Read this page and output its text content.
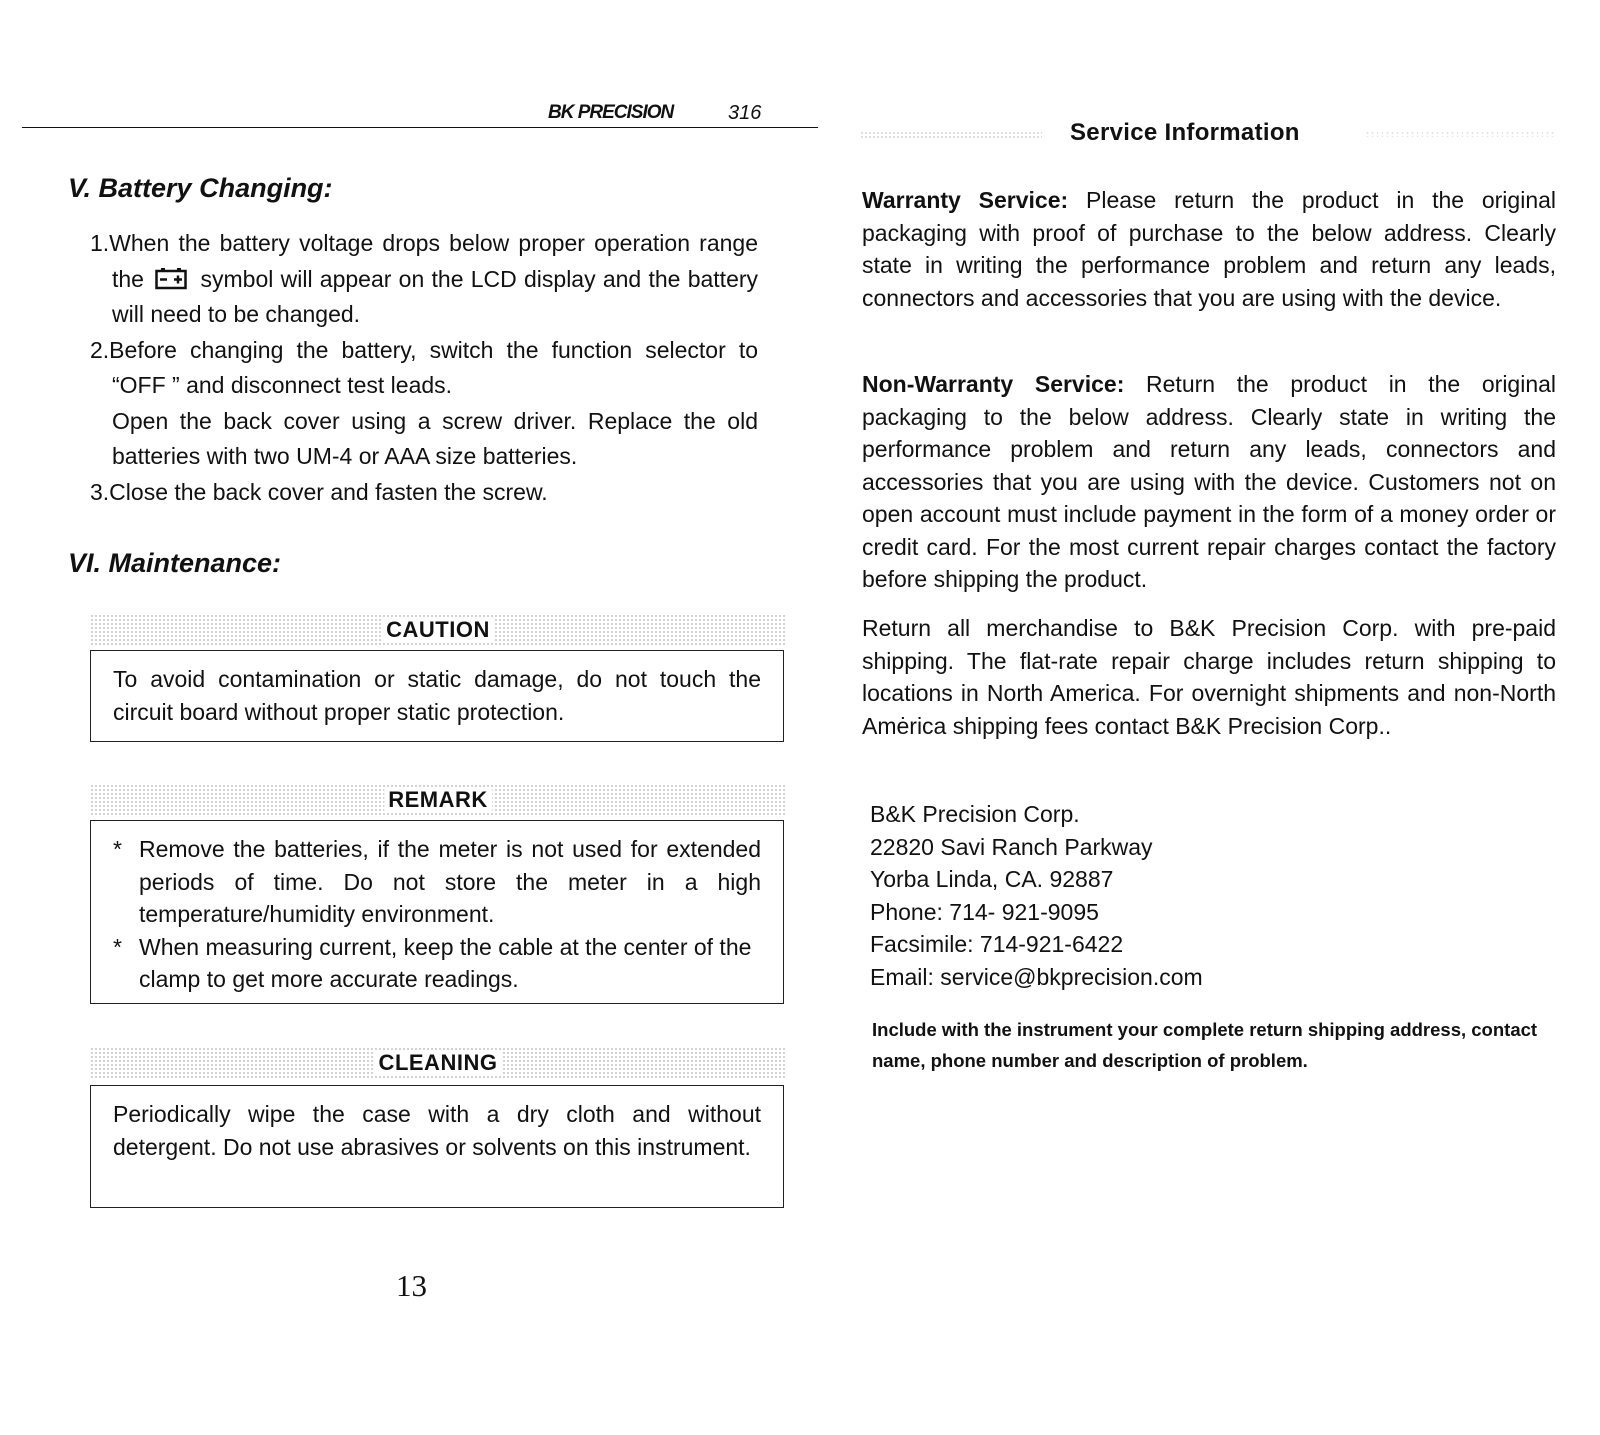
BK PRECISION	316
V. Battery Changing:
1.When the battery voltage drops below proper operation range the symbol will appear on the LCD display and the battery will need to be changed.
2.Before changing the battery, switch the function selector to “OFF ” and disconnect test leads.
Open the back cover using a screw driver. Replace the old batteries with two UM-4 or AAA size batteries.
3.Close the back cover and fasten the screw.
VI. Maintenance:
CAUTION
To avoid contamination or static damage, do not touch the circuit board without proper static protection.
REMARK
* Remove the batteries, if the meter is not used for extended periods of time. Do not store the meter in a high temperature/humidity environment.
* When measuring current, keep the cable at the center of the clamp to get more accurate readings.
CLEANING
Periodically wipe the case with a dry cloth and without detergent. Do not use abrasives or solvents on this instrument.
13
Service Information
Warranty Service: Please return the product in the original packaging with proof of purchase to the below address. Clearly state in writing the performance problem and return any leads, connectors and accessories that you are using with the device.
Non-Warranty Service: Return the product in the original packaging to the below address. Clearly state in writing the performance problem and return any leads, connectors and accessories that you are using with the device. Customers not on open account must include payment in the form of a money order or credit card. For the most current repair charges contact the factory before shipping the product.
Return all merchandise to B&K Precision Corp. with pre-paid shipping. The flat-rate repair charge includes return shipping to locations in North America. For overnight shipments and non-North Amėrica shipping fees contact B&K Precision Corp..
B&K Precision Corp.
22820 Savi Ranch Parkway
Yorba Linda, CA. 92887
Phone: 714- 921-9095
Facsimile: 714-921-6422
Email: service@bkprecision.com
Include with the instrument your complete return shipping address, contact name, phone number and description of problem.
